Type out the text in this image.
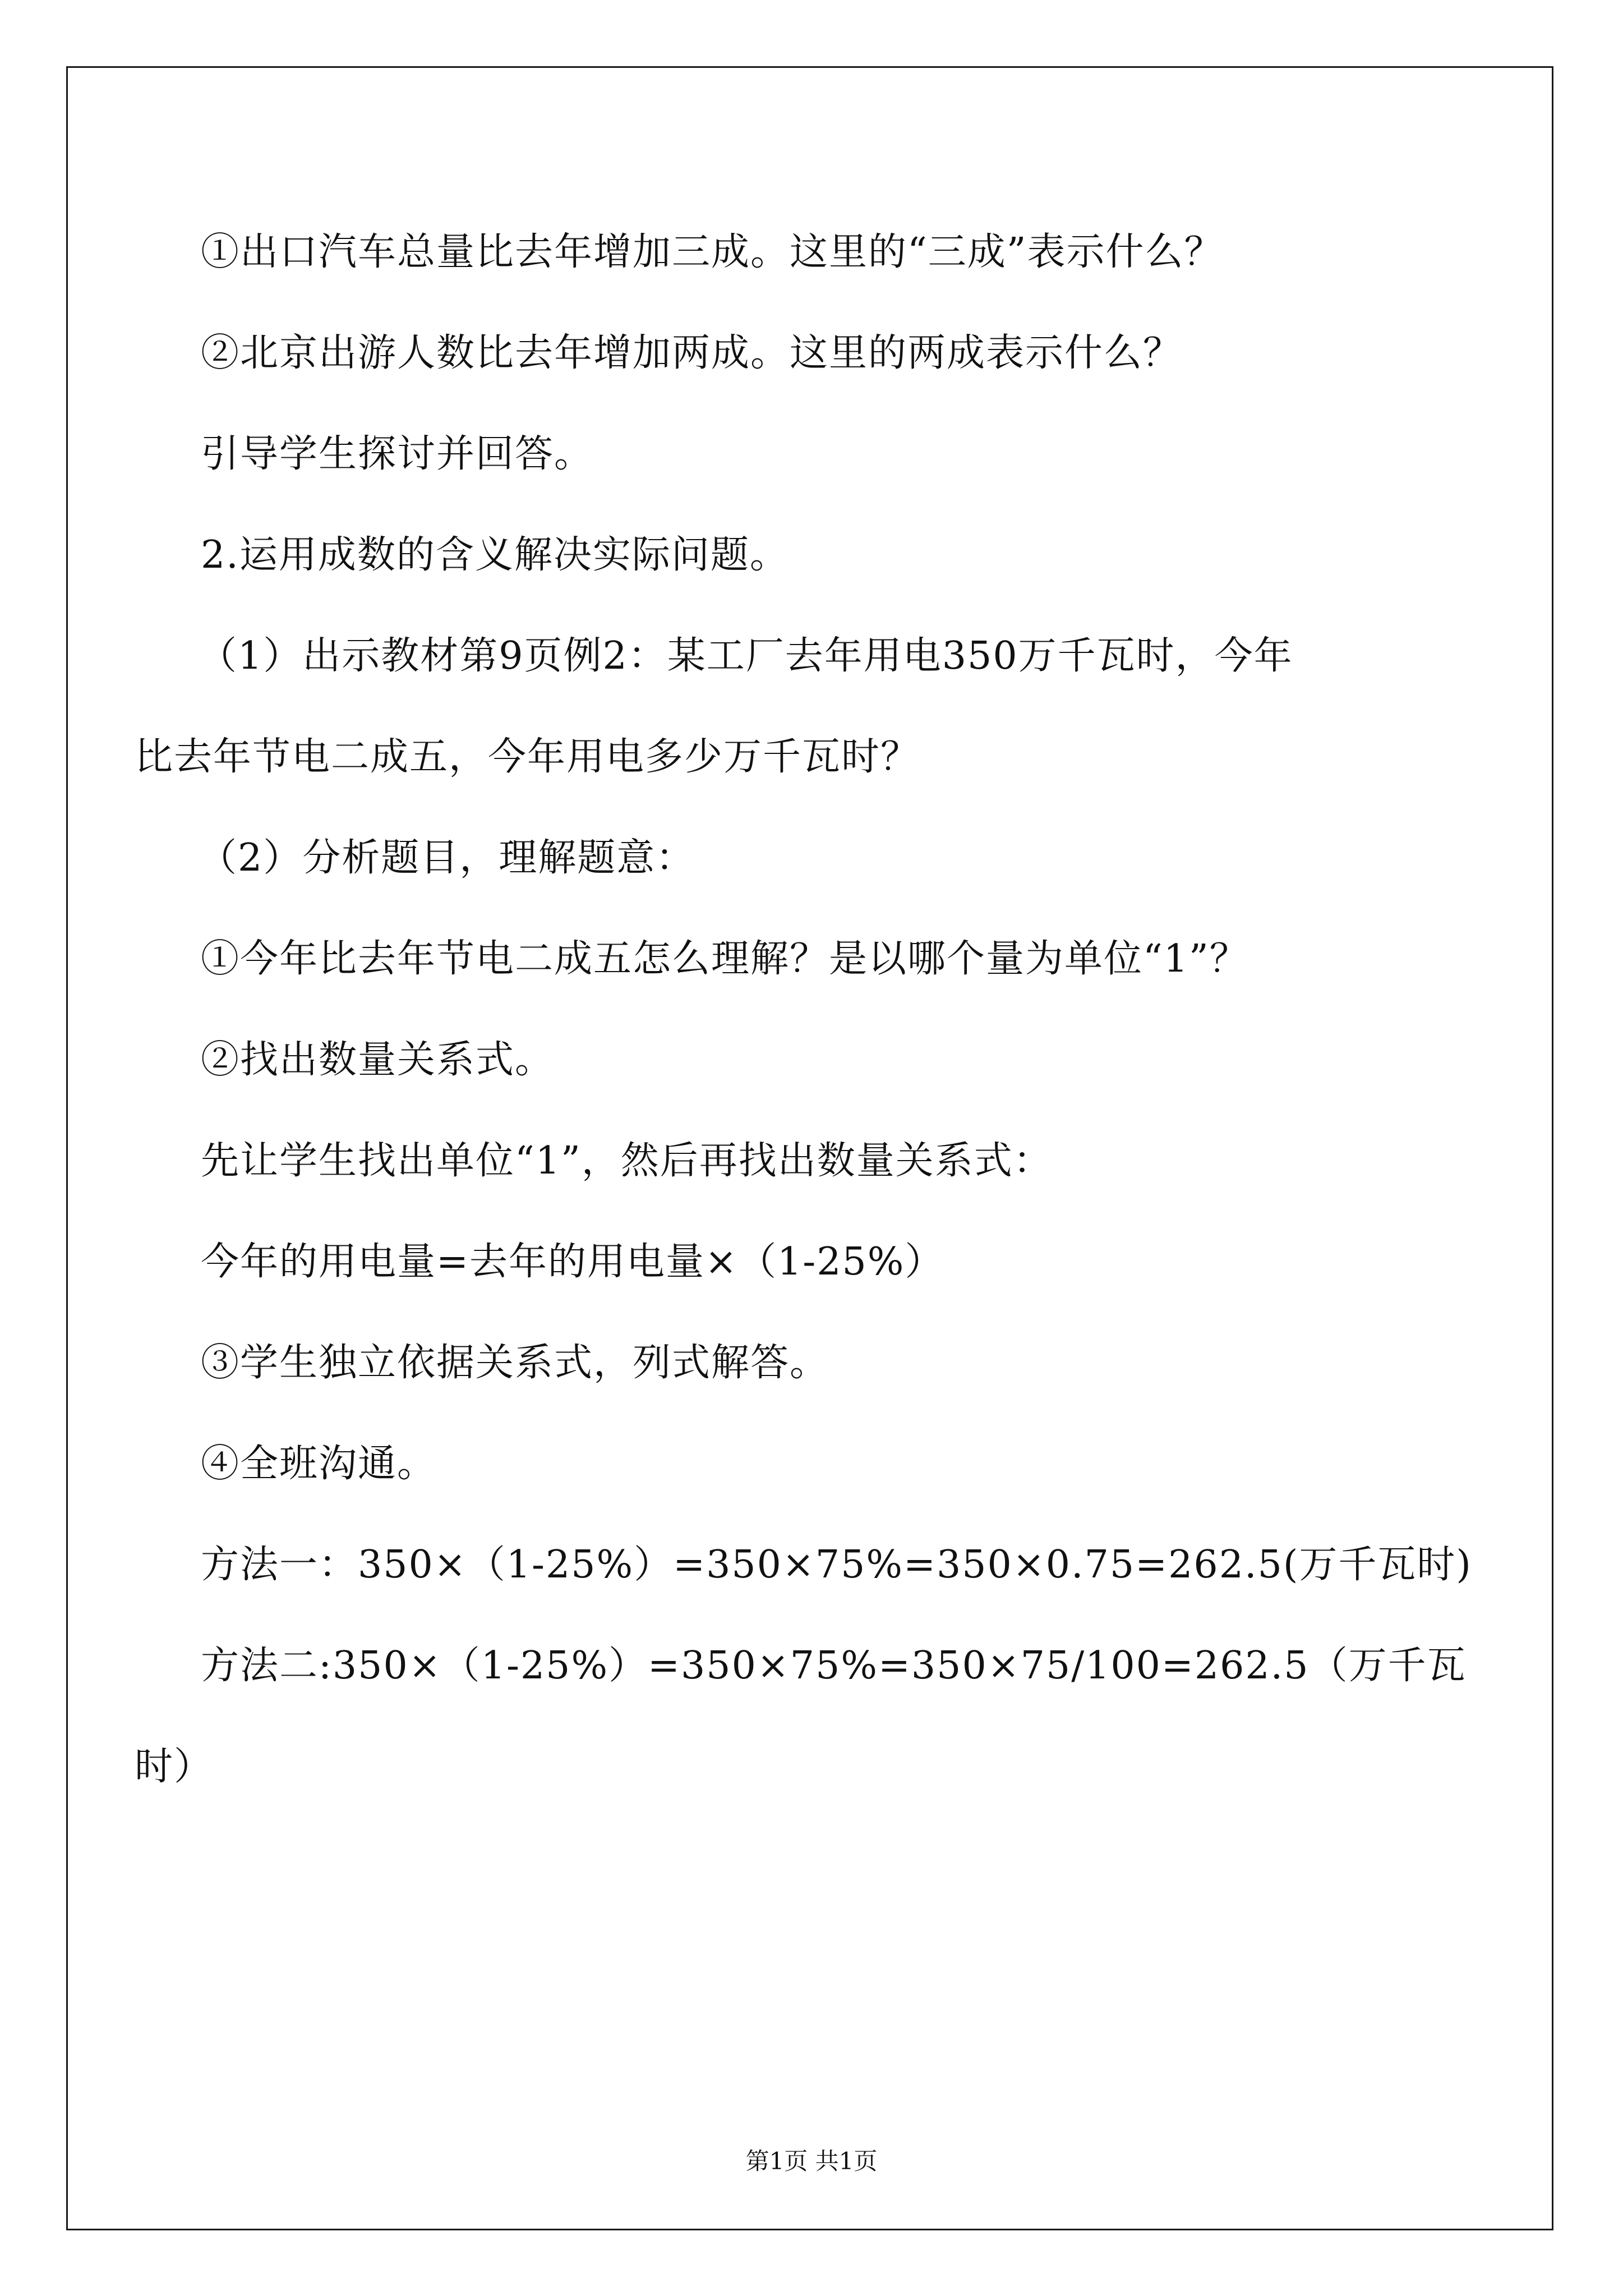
①出口汽车总量比去年增加三成。这里的“三成”表示什么？
②北京出游人数比去年增加两成。这里的两成表示什么？
引导学生探讨并回答。
2.运用成数的含义解决实际问题。
（1）出示教材第9页例2：某工厂去年用电350万千瓦时，今年
比去年节电二成五，今年用电多少万千瓦时？
（2）分析题目，理解题意：
①今年比去年节电二成五怎么理解？是以哪个量为单位“1”？
②找出数量关系式。
先让学生找出单位“1”，然后再找出数量关系式：
今年的用电量=去年的用电量×（1-25%）
③学生独立依据关系式，列式解答。
④全班沟通。
方法一：350×（1-25%）=350×75%=350×0.75=262.5(万千瓦时)
方法二:350×（1-25%）=350×75%=350×75/100=262.5（万千瓦
时）
第1页 共1页
